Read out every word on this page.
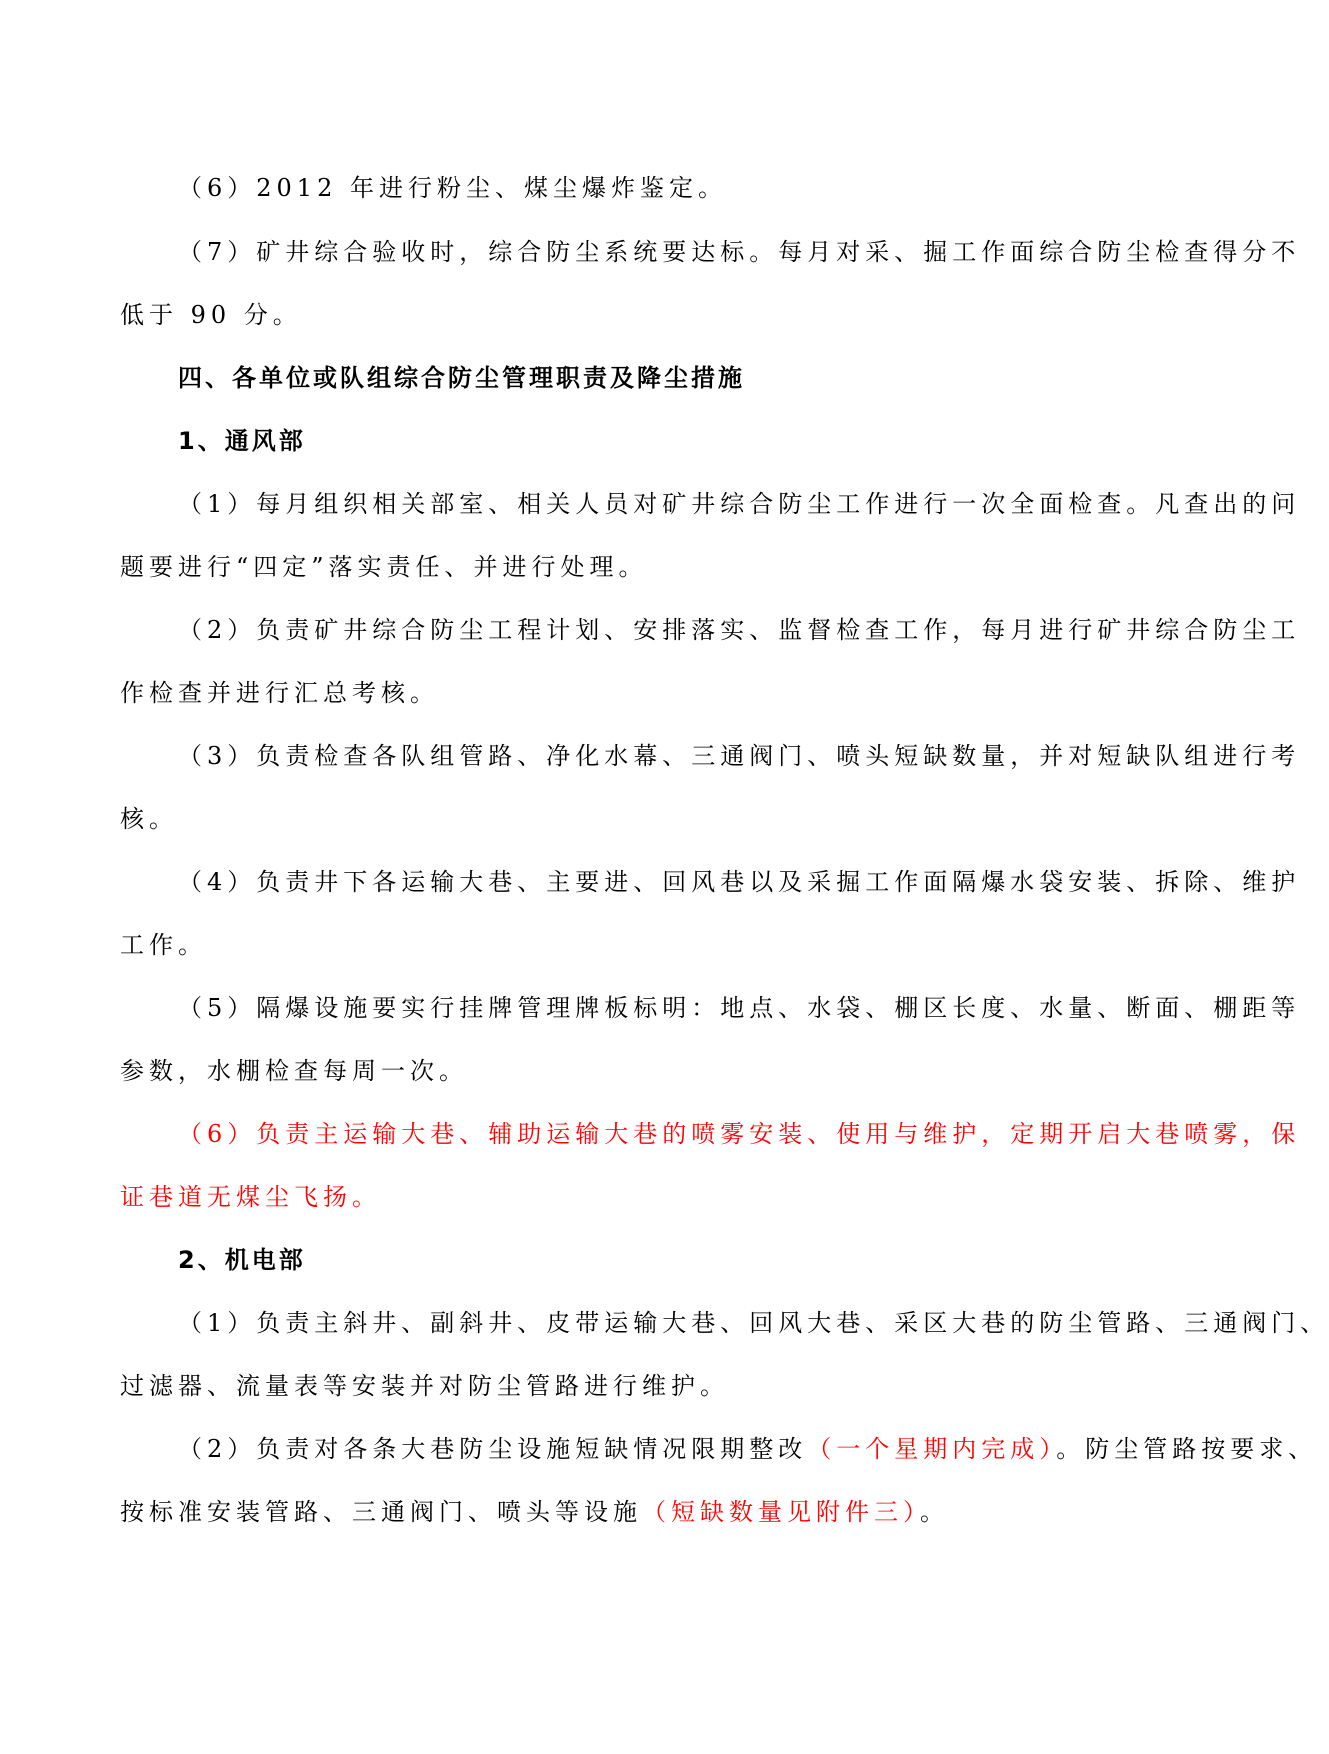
（6）2012 年进行粉尘、煤尘爆炸鉴定。
（7）矿井综合验收时，综合防尘系统要达标。每月对采、掘工作面综合防尘检查得分不
低于 90 分。
四、各单位或队组综合防尘管理职责及降尘措施
1、通风部
（1）每月组织相关部室、相关人员对矿井综合防尘工作进行一次全面检查。凡查出的问
题要进行“四定”落实责任、并进行处理。
（2）负责矿井综合防尘工程计划、安排落实、监督检查工作，每月进行矿井综合防尘工
作检查并进行汇总考核。
（3）负责检查各队组管路、净化水幕、三通阀门、喷头短缺数量，并对短缺队组进行考
核。
（4）负责井下各运输大巷、主要进、回风巷以及采掘工作面隔爆水袋安装、拆除、维护
工作。
（5）隔爆设施要实行挂牌管理牌板标明：地点、水袋、棚区长度、水量、断面、棚距等
参数，水棚检查每周一次。
（6）负责主运输大巷、辅助运输大巷的喷雾安装、使用与维护，定期开启大巷喷雾，保
证巷道无煤尘飞扬。
2、机电部
（1）负责主斜井、副斜井、皮带运输大巷、回风大巷、采区大巷的防尘管路、三通阀门、
过滤器、流量表等安装并对防尘管路进行维护。
（2）负责对各条大巷防尘设施短缺情况限期整改（一个星期内完成）。防尘管路按要求、
按标准安装管路、三通阀门、喷头等设施（短缺数量见附件三）。
